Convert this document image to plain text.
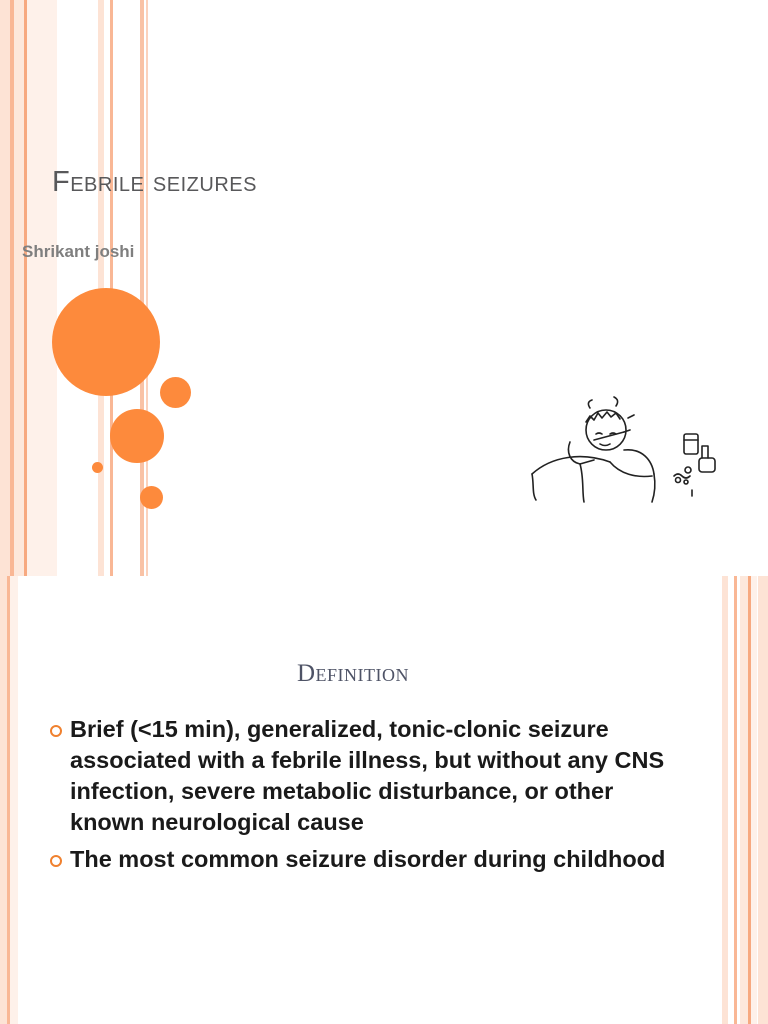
Febrile seizures
Shrikant joshi
Definition
Brief (<15 min), generalized, tonic-clonic seizure associated with a febrile illness, but without any CNS infection, severe metabolic disturbance, or other known neurological cause
The most common seizure disorder during childhood
